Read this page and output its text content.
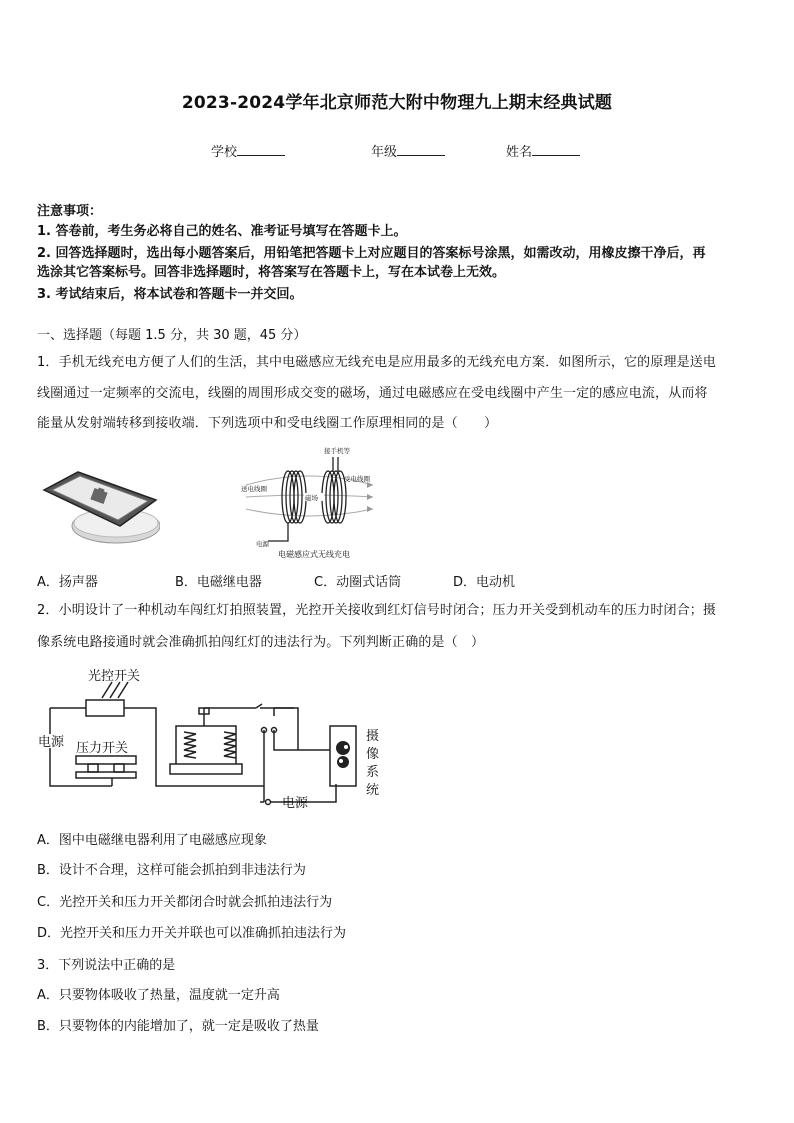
2023-2024学年北京师范大附中物理九上期末经典试题
学校	年级	姓名
注意事项：
1. 答卷前，考生务必将自己的姓名、准考证号填写在答题卡上。
2. 回答选择题时，选出每小题答案后，用铅笔把答题卡上对应题目的答案标号涂黑，如需改动，用橡皮擦干净后，再
选涂其它答案标号。回答非选择题时，将答案写在答题卡上，写在本试卷上无效。
3. 考试结束后，将本试卷和答题卡一并交回。
一、选择题（每题 1.5 分，共 30 题，45 分）
1．手机无线充电方便了人们的生活，其中电磁感应无线充电是应用最多的无线充电方案．如图所示，它的原理是送电
线圈通过一定频率的交流电，线圈的周围形成交变的磁场，通过电磁感应在受电线圈中产生一定的感应电流，从而将
能量从发射端转移到接收端．下列选项中和受电线圈工作原理相同的是（　　）
磁场
送电线圈
受电线圈
接手机等
电源
电磁感应式无线充电
A．扬声器	B．电磁继电器	C．动圈式话筒	D．电动机
2．小明设计了一种机动车闯红灯拍照装置，光控开关接收到红灯信号时闭合；压力开关受到机动车的压力时闭合；摄
像系统电路接通时就会准确抓拍闯红灯的违法行为。下列判断正确的是（　）
光控开关
电源 压力开关
电源
摄
像
系
统
A．图中电磁继电器利用了电磁感应现象
B．设计不合理，这样可能会抓拍到非违法行为
C．光控开关和压力开关都闭合时就会抓拍违法行为
D．光控开关和压力开关并联也可以准确抓拍违法行为
3．下列说法中正确的是
A．只要物体吸收了热量，温度就一定升高
B．只要物体的内能增加了，就一定是吸收了热量
